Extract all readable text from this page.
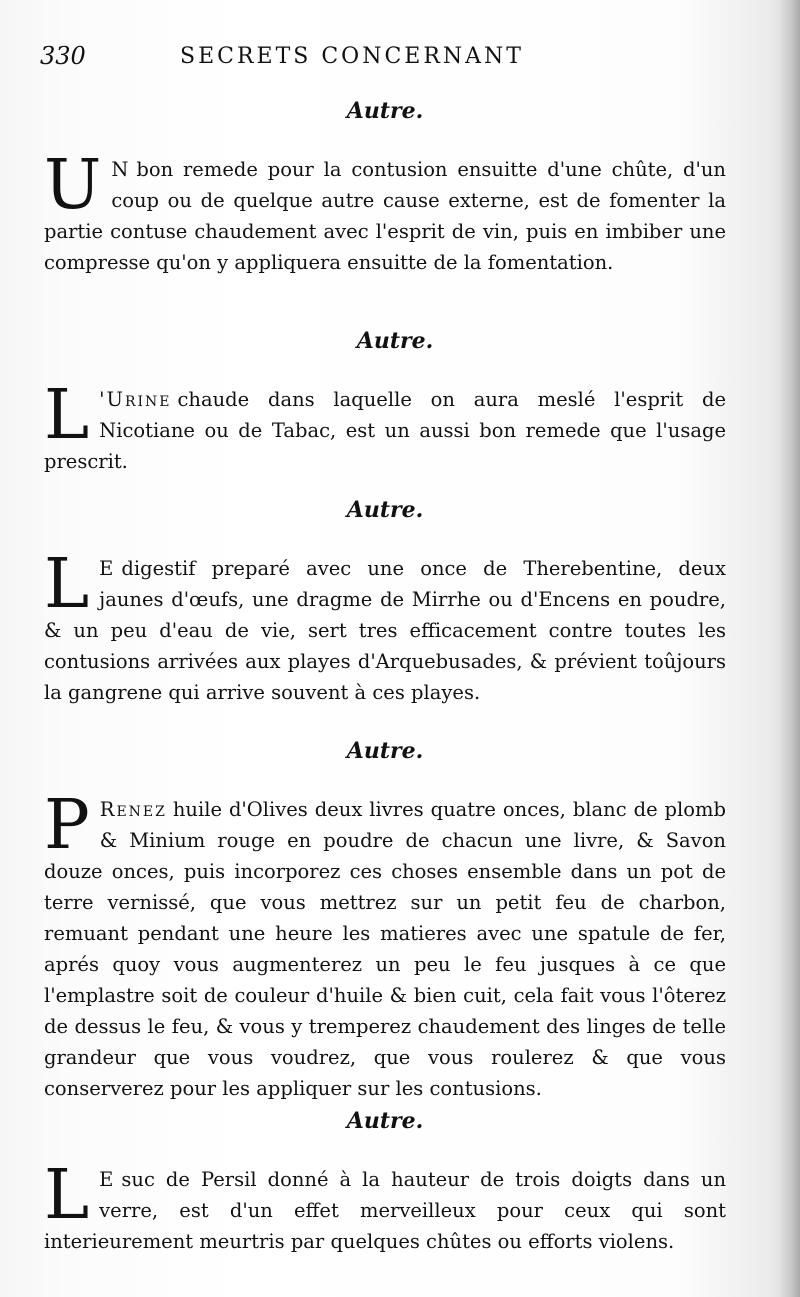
330	SECRETS CONCERNANT
Autre.

U N bon remede pour la contusion ensuitte d'une chûte, d'un coup ou de quelque autre cause externe, est de fomenter la partie contuse chaudement avec l'esprit de vin, puis en imbiber une compresse qu'on y appliquera ensuitte de la fomentation.

Autre.

L 'Urine chaude dans laquelle on aura meslé l'esprit de Nicotiane ou de Tabac, est un aussi bon remede que l'usage prescrit.

Autre.

L E digestif preparé avec une once de Therebentine, deux jaunes d'œufs, une dragme de Mirrhe ou d'Encens en poudre, & un peu d'eau de vie, sert tres efficacement contre toutes les contusions arrivées aux playes d'Arquebusades, & prévient toûjours la gangrene qui arrive souvent à ces playes.

Autre.

P Renez huile d'Olives deux livres quatre onces, blanc de plomb & Minium rouge en poudre de chacun une livre, & Savon douze onces, puis incorporez ces choses ensemble dans un pot de terre vernissé, que vous mettrez sur un petit feu de charbon, remuant pendant une heure les matieres avec une spatule de fer, aprés quoy vous augmenterez un peu le feu jusques à ce que l'emplastre soit de couleur d'huile & bien cuit, cela fait vous l'ôterez de dessus le feu, & vous y tremperez chaudement des linges de telle grandeur que vous voudrez, que vous roulerez & que vous conserverez pour les appliquer sur les contusions.

Autre.

L E suc de Persil donné à la hauteur de trois doigts dans un verre, est d'un effet merveilleux pour ceux qui sont interieurement meurtris par quelques chûtes ou efforts violens.
